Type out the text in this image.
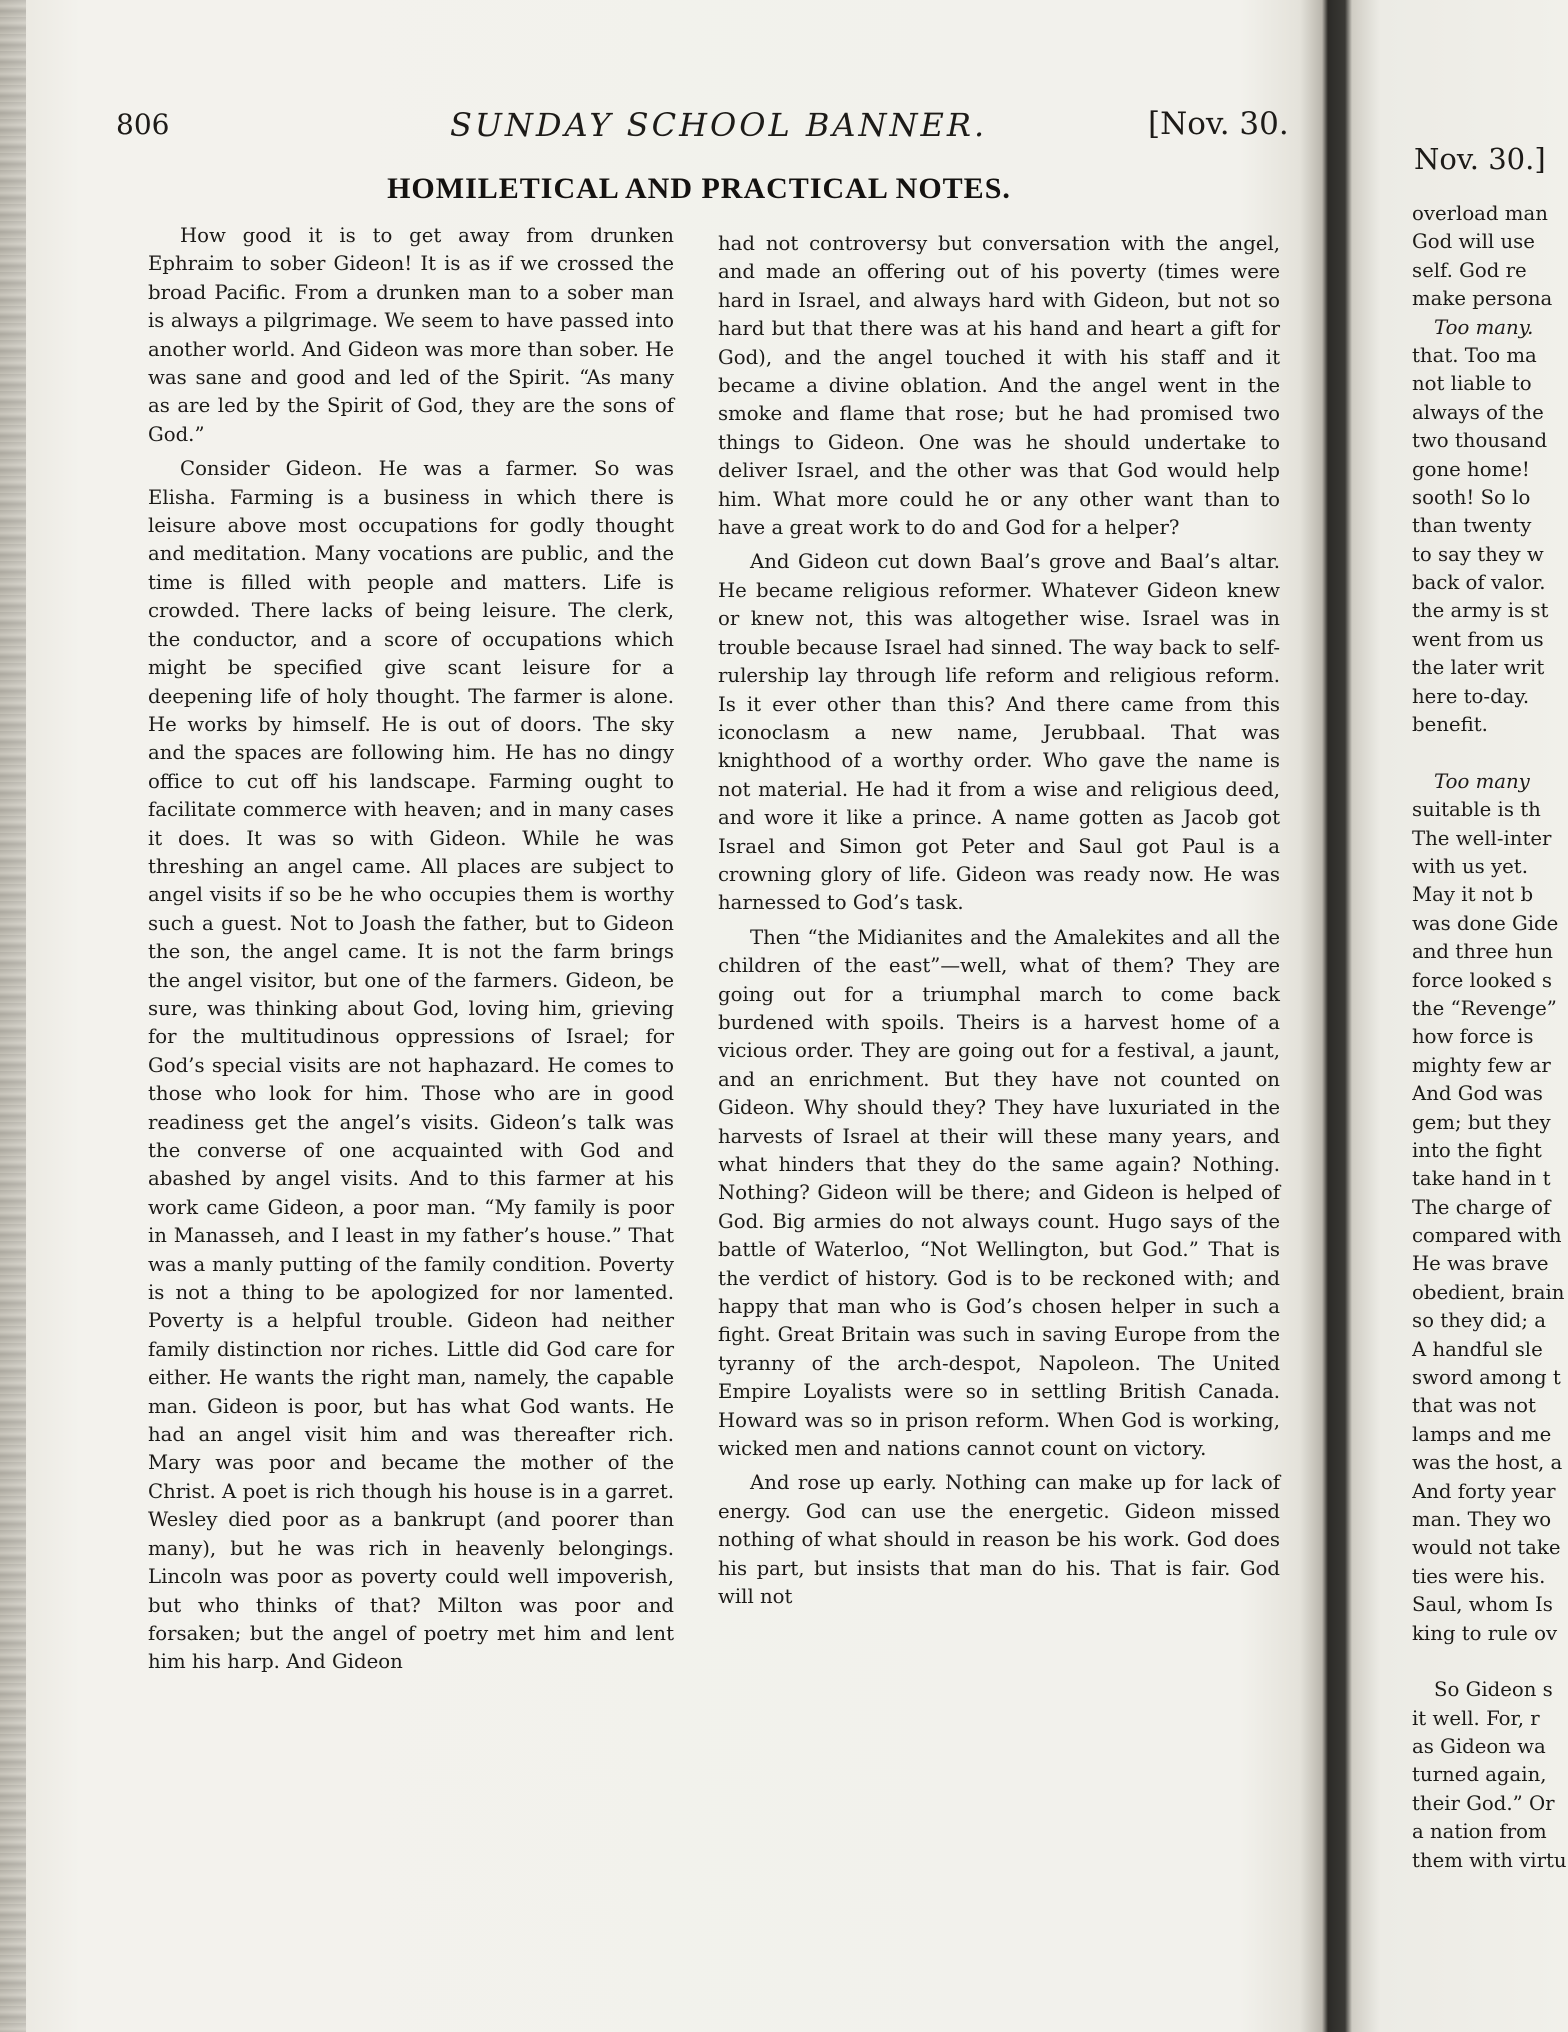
806	SUNDAY SCHOOL BANNER.	[Nov. 30.
HOMILETICAL AND PRACTICAL NOTES.

How good it is to get away from drunken Ephraim to sober Gideon! It is as if we crossed the broad Pacific. From a drunken man to a sober man is always a pilgrimage. We seem to have passed into another world. And Gideon was more than sober. He was sane and good and led of the Spirit. “As many as are led by the Spirit of God, they are the sons of God.”

Consider Gideon. He was a farmer. So was Elisha. Farming is a business in which there is leisure above most occupations for godly thought and meditation. Many vocations are public, and the time is filled with people and matters. Life is crowded. There lacks of being leisure. The clerk, the conductor, and a score of occupations which might be specified give scant leisure for a deepening life of holy thought. The farmer is alone. He works by himself. He is out of doors. The sky and the spaces are following him. He has no dingy office to cut off his landscape. Farming ought to facilitate commerce with heaven; and in many cases it does. It was so with Gideon. While he was threshing an angel came. All places are subject to angel visits if so be he who occupies them is worthy such a guest. Not to Joash the father, but to Gideon the son, the angel came. It is not the farm brings the angel visitor, but one of the farmers. Gideon, be sure, was thinking about God, loving him, grieving for the multitudinous oppressions of Israel; for God’s special visits are not haphazard. He comes to those who look for him. Those who are in good readiness get the angel’s visits. Gideon’s talk was the converse of one acquainted with God and abashed by angel visits. And to this farmer at his work came Gideon, a poor man. “My family is poor in Manasseh, and I least in my father’s house.” That was a manly putting of the family condition. Poverty is not a thing to be apologized for nor lamented. Poverty is a helpful trouble. Gideon had neither family distinction nor riches. Little did God care for either. He wants the right man, namely, the capable man. Gideon is poor, but has what God wants. He had an angel visit him and was thereafter rich. Mary was poor and became the mother of the Christ. A poet is rich though his house is in a garret. Wesley died poor as a bankrupt (and poorer than many), but he was rich in heavenly belongings. Lincoln was poor as poverty could well impoverish, but who thinks of that? Milton was poor and forsaken; but the angel of poetry met him and lent him his harp. And Gideon

had not controversy but conversation with the angel, and made an offering out of his poverty (times were hard in Israel, and always hard with Gideon, but not so hard but that there was at his hand and heart a gift for God), and the angel touched it with his staff and it became a divine oblation. And the angel went in the smoke and flame that rose; but he had promised two things to Gideon. One was he should undertake to deliver Israel, and the other was that God would help him. What more could he or any other want than to have a great work to do and God for a helper?

And Gideon cut down Baal’s grove and Baal’s altar. He became religious reformer. Whatever Gideon knew or knew not, this was altogether wise. Israel was in trouble because Israel had sinned. The way back to self-rulership lay through life reform and religious reform. Is it ever other than this? And there came from this iconoclasm a new name, Jerubbaal. That was knighthood of a worthy order. Who gave the name is not material. He had it from a wise and religious deed, and wore it like a prince. A name gotten as Jacob got Israel and Simon got Peter and Saul got Paul is a crowning glory of life. Gideon was ready now. He was harnessed to God’s task.

Then “the Midianites and the Amalekites and all the children of the east”—well, what of them? They are going out for a triumphal march to come back burdened with spoils. Theirs is a harvest home of a vicious order. They are going out for a festival, a jaunt, and an enrichment. But they have not counted on Gideon. Why should they? They have luxuriated in the harvests of Israel at their will these many years, and what hinders that they do the same again? Nothing. Nothing? Gideon will be there; and Gideon is helped of God. Big armies do not always count. Hugo says of the battle of Waterloo, “Not Wellington, but God.” That is the verdict of history. God is to be reckoned with; and happy that man who is God’s chosen helper in such a fight. Great Britain was such in saving Europe from the tyranny of the arch-despot, Napoleon. The United Empire Loyalists were so in settling British Canada. Howard was so in prison reform. When God is working, wicked men and nations cannot count on victory.

And rose up early. Nothing can make up for lack of energy. God can use the energetic. Gideon missed nothing of what should in reason be his work. God does his part, but insists that man do his. That is fair. God will not

Nov. 30.]
overload man
God will use
self. God re
make persona
Too many.
that. Too ma
not liable to
always of the
two thousand
gone home!
sooth! So lo
than twenty
to say they w
back of valor.
the army is st
went from us
the later writ
here to-day.
benefit.
Too many
suitable is th
The well-inter
with us yet.
May it not b
was done Gide
and three hun
force looked s
the “Revenge”
how force is
mighty few ar
And God was
gem; but they
into the fight
take hand in t
The charge of
compared with
He was brave
obedient, brain
so they did; a
A handful sle
sword among t
that was not
lamps and me
was the host, a
And forty year
man. They wo
would not take
ties were his.
Saul, whom Is
king to rule ov
So Gideon s
it well. For, r
as Gideon wa
turned again,
their God.” Or
a nation from
them with virtu
